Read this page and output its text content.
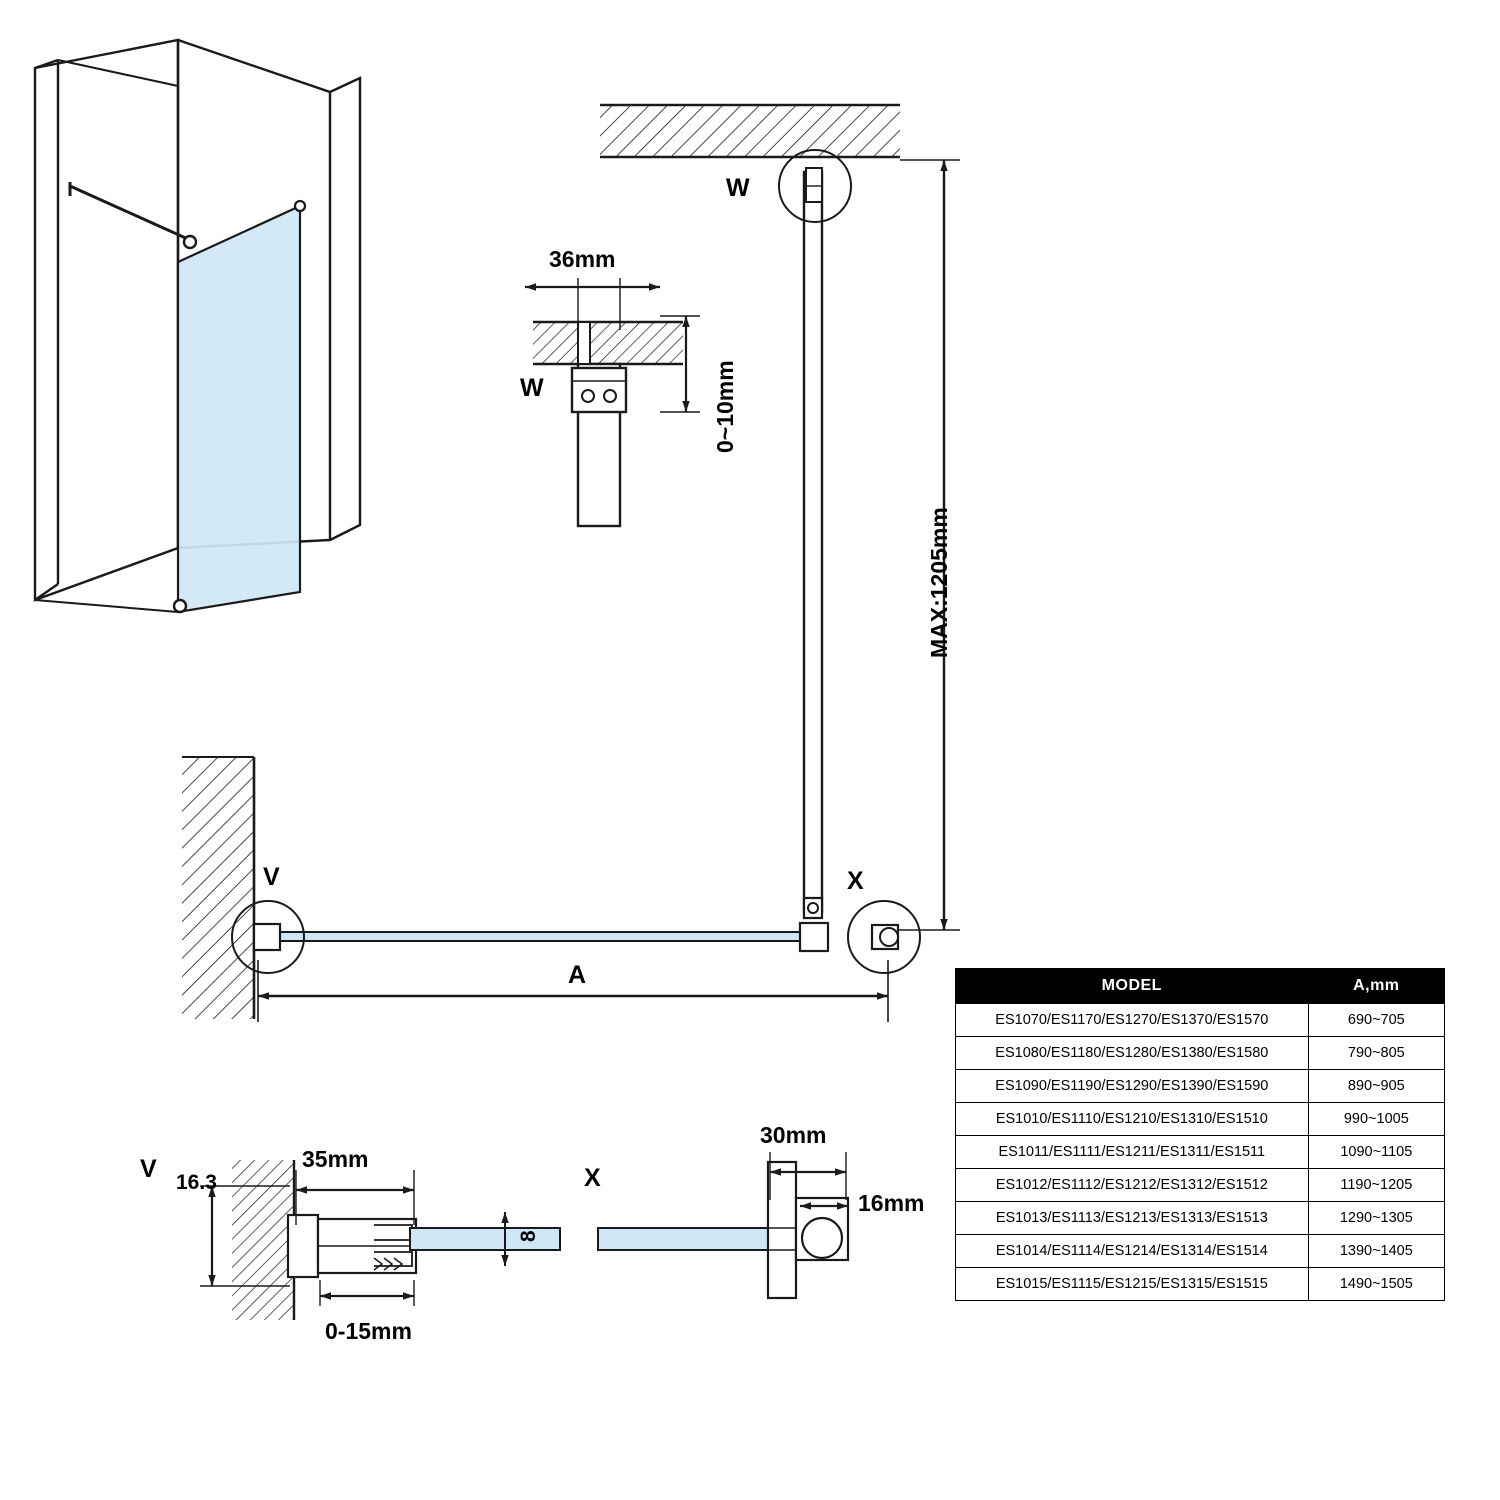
W
W
36mm
0~10mm
MAX:1205mm
V	X
A
V 16.3
35mm
0-15mm
8
X
30mm
16mm
MODEL	A,mm
ES1070/ES1170/ES1270/ES1370/ES1570	690~705
ES1080/ES1180/ES1280/ES1380/ES1580	790~805
ES1090/ES1190/ES1290/ES1390/ES1590	890~905
ES1010/ES1110/ES1210/ES1310/ES1510	990~1005
ES1011/ES1111/ES1211/ES1311/ES1511	1090~1105
ES1012/ES1112/ES1212/ES1312/ES1512	1190~1205
ES1013/ES1113/ES1213/ES1313/ES1513	1290~1305
ES1014/ES1114/ES1214/ES1314/ES1514	1390~1405
ES1015/ES1115/ES1215/ES1315/ES1515	1490~1505
